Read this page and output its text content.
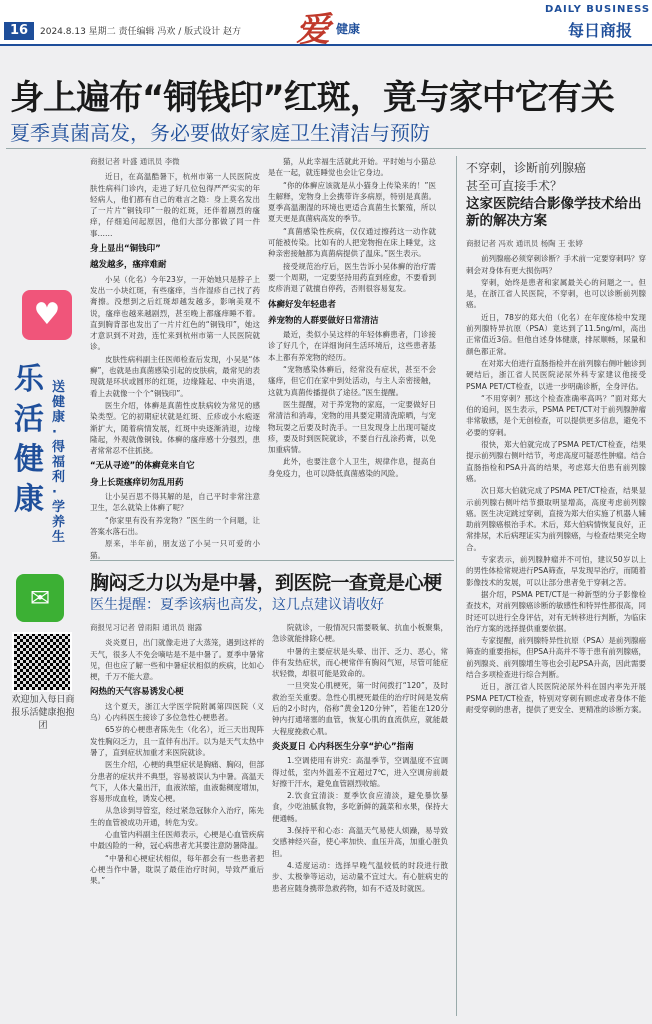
16	2024.8.13 星期二 责任编辑 冯欢 / 版式设计 赵方 爱 健康
DAILY BUSINESS
每日商报
身上遍布“铜钱印”红斑，竟与家中它有关
夏季真菌高发，务必要做好家庭卫生清洁与预防
♥
乐活健康
送健康·得福利·学养生
✉
欢迎加入每日商报乐活健康抱抱团

商报记者 叶盛 通讯员 李微

近日，在高温酷暑下，杭州市第一人民医院皮肤性病科门诊内，走进了好几位包得严严实实的年轻病人，他们都有自己的难言之隐：身上莫名发出了一片片“铜钱印”一般的红斑，还伴着剧烈的瘙痒，仔细追问起原因，他们大部分都做了同一件事……

身上显出“铜钱印”

越发越多，瘙痒难耐

小吴（化名）今年23岁，一开始她只是脖子上发出一小块红斑，有些瘙痒，当作湿疹自己找了药膏擦。没想到之后红斑却越发越多，影响美观不说，瘙痒也越来越剧烈，甚至晚上都瘙痒睡不着。直到胸背部也发出了一片片红色的“铜钱印”，她这才意识到不对劲，连忙来到杭州市第一人民医院就诊。

皮肤性病科副主任医师检查后发现，小吴是“体癣”，也就是由真菌感染引起的皮肤病，最常见的表现就是环状或圆形的红斑，边缘隆起、中央消退，看上去就像一个个“铜钱印”。

医生介绍，体癣是真菌性皮肤病较为常见的感染类型。它的初期症状就是红斑、丘疹或小水疱逐渐扩大，随着病情发展，红斑中央逐渐消退，边缘隆起，外观就像铜钱。体癣的瘙痒感十分强烈，患者常常忍不住抓挠。

“无从寻迹”的体癣竟来自它

身上长斑瘙痒切勿乱用药

让小吴百思不得其解的是，自己平时非常注意卫生，怎么就染上体癣了呢？

“你家里有没有养宠物？”医生的一个问题，让答案水落石出。

原来，半年前，朋友送了小吴一只可爱的小猫。

猫，从此幸福生活就此开始。平时她与小猫总是在一起，就连睡觉也会让它身边。

“你的体癣应该就是从小猫身上传染来的！”医生解释，宠物身上会携带许多病原，特别是真菌。夏季高温潮湿的环境也更适合真菌生长繁殖，所以夏天更是真菌病高发的季节。

“真菌感染性疾病，仅仅通过擦药这一动作就可能被传染。比如有的人把宠物抱在床上睡觉，这种亲密接触都为真菌病提供了温床。”医生表示。

接受规范治疗后，医生告诉小吴体癣的治疗需要一个周期，一定要坚持用药直到痊愈，不要看到皮疹消退了就擅自停药，否则很容易复发。

体癣好发年轻患者

养宠物的人群要做好日常清洁

最近，类似小吴这样的年轻体癣患者，门诊接诊了好几个，在详细询问生活环境后，这些患者基本上都有养宠物的经历。

“宠物感染体癣后，经常没有症状，甚至不会瘙痒，但它们在家中到处活动，与主人亲密接触，这就为真菌传播提供了途径。”医生提醒。

医生提醒，对于养宠物的家庭，一定要做好日常清洁和消毒，宠物的用具要定期清洗晾晒，与宠物玩耍之后要及时洗手。一旦发现身上出现可疑皮疹，要及时到医院就诊，不要自行乱涂药膏，以免加重病情。

此外，也要注意个人卫生，规律作息，提高自身免疫力，也可以降低真菌感染的风险。

不穿刺，诊断前列腺癌
甚至可直接手术？
这家医院结合影像学技术给出新的解决方案

商报记者 冯欢 通讯员 杨陶 王 张婷

前列腺癌必须穿刺诊断？手术前一定要穿刺吗？穿刺会对身体有更大损伤吗？

穿刺，始终是患者和家属最关心的问题之一。但是，在浙江省人民医院，不穿刺，也可以诊断前列腺癌。

近日，78岁的郑大伯（化名）在年度体检中发现前列腺特异抗原（PSA）竟达到了11.5ng/ml，高出正常值近3倍。但他自述身体健康，排尿顺畅，尿量和颜色都正常。

在对郑大伯进行直肠指检并在前列腺右侧叶触诊到硬结后，浙江省人民医院泌尿外科专家建议他接受PSMA PET/CT检查，以进一步明确诊断，全身评估。

“不用穿刺？那这个检查准确率高吗？”面对郑大伯的追问，医生表示，PSMA PET/CT对于前列腺肿瘤非常敏感，是个无创检查，可以提供更多信息，避免不必要的穿刺。

很快，郑大伯就完成了PSMA PET/CT检查，结果提示前列腺右侧叶结节，考虑高度可疑恶性肿瘤。结合直肠指检和PSA升高的结果，考虑郑大伯患有前列腺癌。

次日郑大伯就完成了PSMA PET/CT检查，结果显示前列腺右侧叶结节摄取明显增高，高度考虑前列腺癌。医生决定跳过穿刺，直接为郑大伯实施了机器人辅助前列腺癌根治手术。术后，郑大伯病情恢复良好，正常排尿，术后病理证实为前列腺癌，与检查结果完全吻合。

专家表示，前列腺肿瘤并不可怕，建议50岁以上的男性体检常规进行PSA筛查，早发现早治疗，而随着影像技术的发展，可以让部分患者免于穿刺之苦。

据介绍，PSMA PET/CT是一种新型的分子影像检查技术，对前列腺癌诊断的敏感性和特异性都很高，同时还可以进行全身评估，对有无转移进行判断，为临床治疗方案的选择提供重要依据。

专家提醒，前列腺特异性抗原（PSA）是前列腺癌筛查的重要指标，但PSA升高并不等于患有前列腺癌，前列腺炎、前列腺增生等也会引起PSA升高，因此需要结合多项检查进行综合判断。

近日，浙江省人民医院泌尿外科在国内率先开展PSMA PET/CT检查，特别对穿刺有顾虑或者身体不能耐受穿刺的患者，提供了更安全、更精准的诊断方案。

胸闷乏力以为是中暑，到医院一查竟是心梗
医生提醒：夏季该病也高发，这几点建议请收好

商报见习记者 曾雨阳 通讯员 谢露

炎炎夏日，出门就像走进了大蒸笼，遇到这样的天气，很多人不免会嘀咕是不是中暑了。夏季中暑常见，但也应了解一些和中暑症状相似的疾病，比如心梗，千万不能大意。

闷热的天气容易诱发心梗

这个夏天，浙江大学医学院附属第四医院（义乌）心内科医生接诊了多位急性心梗患者。

65岁的心梗患者陈先生（化名），近三天出现阵发性胸闷乏力，且一直伴有出汗。以为是天气太热中暑了，直到症状加重才来医院就诊。

医生介绍，心梗的典型症状是胸痛、胸闷，但部分患者的症状并不典型，容易被误认为中暑。高温天气下，人体大量出汗，血液浓缩，血液黏稠度增加，容易形成血栓，诱发心梗。

从急诊到导管室，经过紧急冠脉介入治疗，陈先生的血管被成功开通，转危为安。

心血管内科副主任医师表示，心梗是心血管疾病中最凶险的一种，冠心病患者尤其要注意防暑降温。

“中暑和心梗症状相似，每年都会有一些患者把心梗当作中暑，耽误了最佳治疗时间，导致严重后果。”

院就诊，一般情况只需要吸氧、抗血小板聚集，急诊就能排除心梗。

中暑的主要症状是头晕、出汗、乏力、恶心，常伴有发热症状，而心梗常伴有胸闷气短，尽管可能症状轻微，却很可能是致命的。

一旦突发心肌梗死，第一时间拨打“120”，及时救治至关重要。急性心肌梗死最佳的治疗时间是发病后的2小时内，俗称“黄金120分钟”，若能在120分钟内打通堵塞的血管，恢复心肌的血流供应，就能最大程度挽救心肌。

炎炎夏日 心内科医生分享“护心”指南

1.空调使用有讲究：高温季节，空调温度不宜调得过低，室内外温差不宜超过7℃，进入空调房前最好擦干汗水，避免血管剧烈收缩。

2.饮食宜清淡：夏季饮食应清淡，避免暴饮暴食，少吃油腻食物，多吃新鲜的蔬菜和水果，保持大便通畅。

3.保持平和心态：高温天气易使人烦躁，易导致交感神经兴奋，使心率加快、血压升高，加重心脏负担。

4.适度运动：选择早晚气温较低的时段进行散步、太极拳等运动，运动量不宜过大。有心脏病史的患者应随身携带急救药物，如有不适及时就医。
